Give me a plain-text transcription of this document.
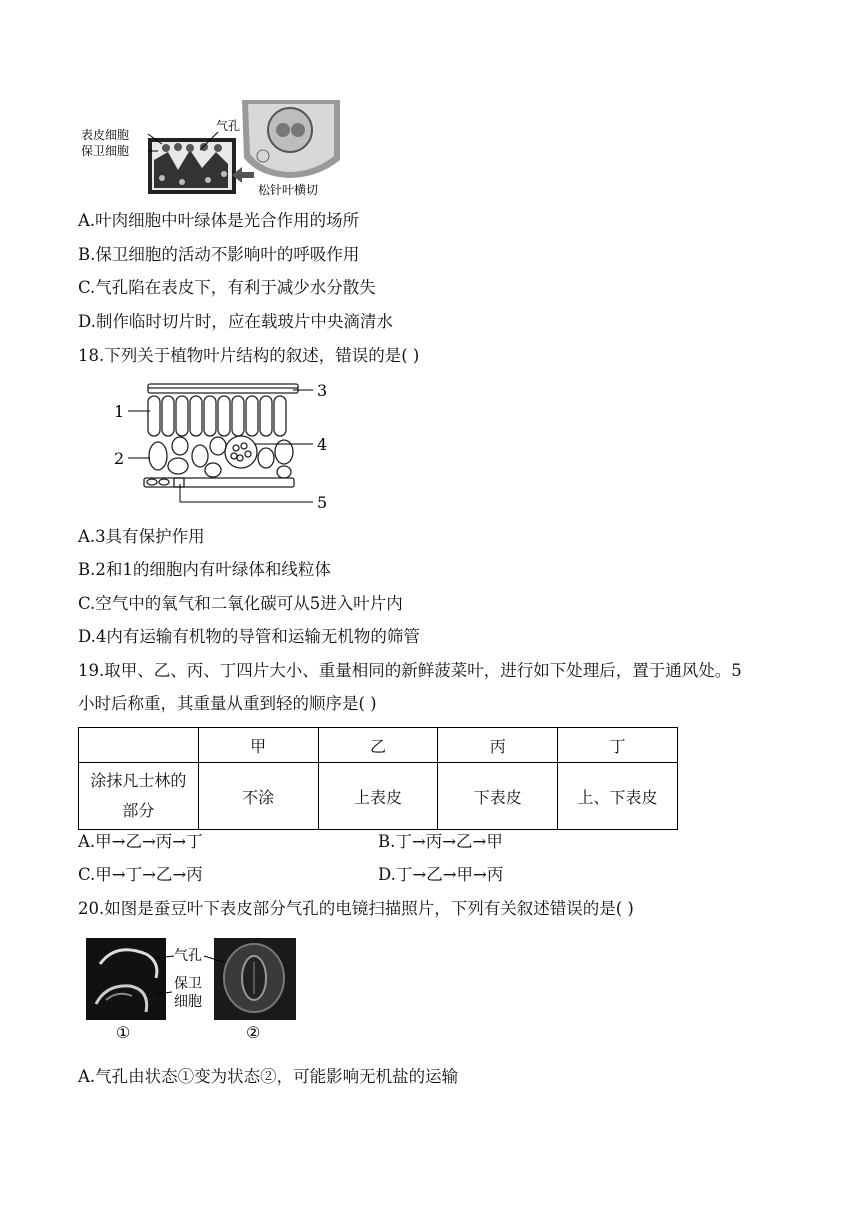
表皮细胞
保卫细胞
气孔
松针叶横切
A.叶肉细胞中叶绿体是光合作用的场所
B.保卫细胞的活动不影响叶的呼吸作用
C.气孔陷在表皮下，有利于减少水分散失
D.制作临时切片时，应在载玻片中央滴清水
18.下列关于植物叶片结构的叙述，错误的是( )
1
2
3
4
5
A.3具有保护作用
B.2和1的细胞内有叶绿体和线粒体
C.空气中的氧气和二氧化碳可从5进入叶片内
D.4内有运输有机物的导管和运输无机物的筛管
19.取甲、乙、丙、丁四片大小、重量相同的新鲜菠菜叶，进行如下处理后，置于通风处。5
小时后称重，其重量从重到轻的顺序是( )
	甲	乙	丙	丁

涂抹凡士林的
部分	不涂	上表皮	下表皮	上、下表皮
A.甲→乙→丙→丁	B.丁→丙→乙→甲
C.甲→丁→乙→丙	D.丁→乙→甲→丙
20.如图是蚕豆叶下表皮部分气孔的电镜扫描照片，下列有关叙述错误的是( )
气孔
保卫
细胞
①	②
A.气孔由状态①变为状态②，可能影响无机盐的运输
